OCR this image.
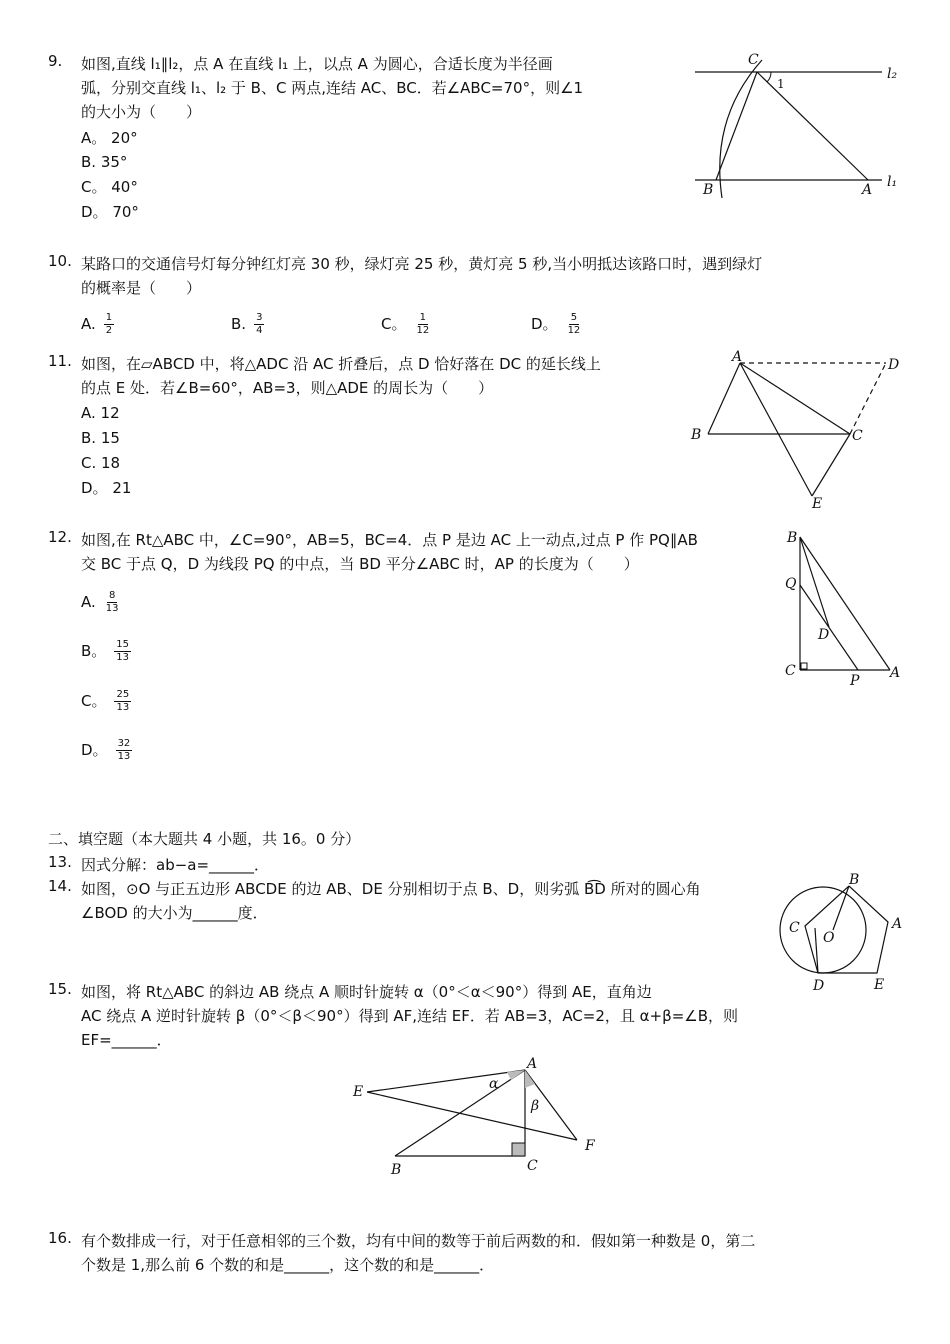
9. 如图,直线 l₁∥l₂，点 A 在直线 l₁ 上，以点 A 为圆心，合适长度为半径画
弧，分别交直线 l₁、l₂ 于 B、C 两点,连结 AC、BC．若∠ABC=70°，则∠1
的大小为（　　）
A。 20°
B. 35°
C。 40°
D。 70°
C
1
l₂
B	A l₁
10. 某路口的交通信号灯每分钟红灯亮 30 秒，绿灯亮 25 秒，黄灯亮 5 秒,当小明抵达该路口时，遇到绿灯
的概率是（　　）
A. $\frac{1}{2}$	B. $\frac{3}{4}$	C。 $\frac{1}{12}$	D。 $\frac{5}{12}$
11. 如图，在▱ABCD 中，将△ADC 沿 AC 折叠后，点 D 恰好落在 DC 的延长线上
的点 E 处．若∠B=60°，AB=3，则△ADE 的周长为（　　）
A. 12
B. 15
C. 18
D。 21
A	D
B	C
E
12. 如图,在 Rt△ABC 中，∠C=90°，AB=5，BC=4．点 P 是边 AC 上一动点,过点 P 作 PQ∥AB
交 BC 于点 Q，D 为线段 PQ 的中点，当 BD 平分∠ABC 时，AP 的长度为（　　）
A. $\frac{8}{13}$
B。 $\frac{15}{13}$
C。 $\frac{25}{13}$
D。 $\frac{32}{13}$
B
Q
D
C
P A
二、填空题（本大题共 4 小题，共 16。0 分）
13. 因式分解：ab−a=______．
14. 如图，⊙O 与正五边形 ABCDE 的边 AB、DE 分别相切于点 B、D，则劣弧 B͡D 所对的圆心角
∠BOD 的大小为______度．
B
A
C
O
D	E
15. 如图，将 Rt△ABC 的斜边 AB 绕点 A 顺时针旋转 α（0°＜α＜90°）得到 AE，直角边
AC 绕点 A 逆时针旋转 β（0°＜β＜90°）得到 AF,连结 EF．若 AB=3，AC=2，且 α+β=∠B，则
EF=______．
E
A
α
β
F
B	C
16. 有个数排成一行，对于任意相邻的三个数，均有中间的数等于前后两数的和．假如第一种数是 0，第二
个数是 1,那么前 6 个数的和是______，这个数的和是______．
